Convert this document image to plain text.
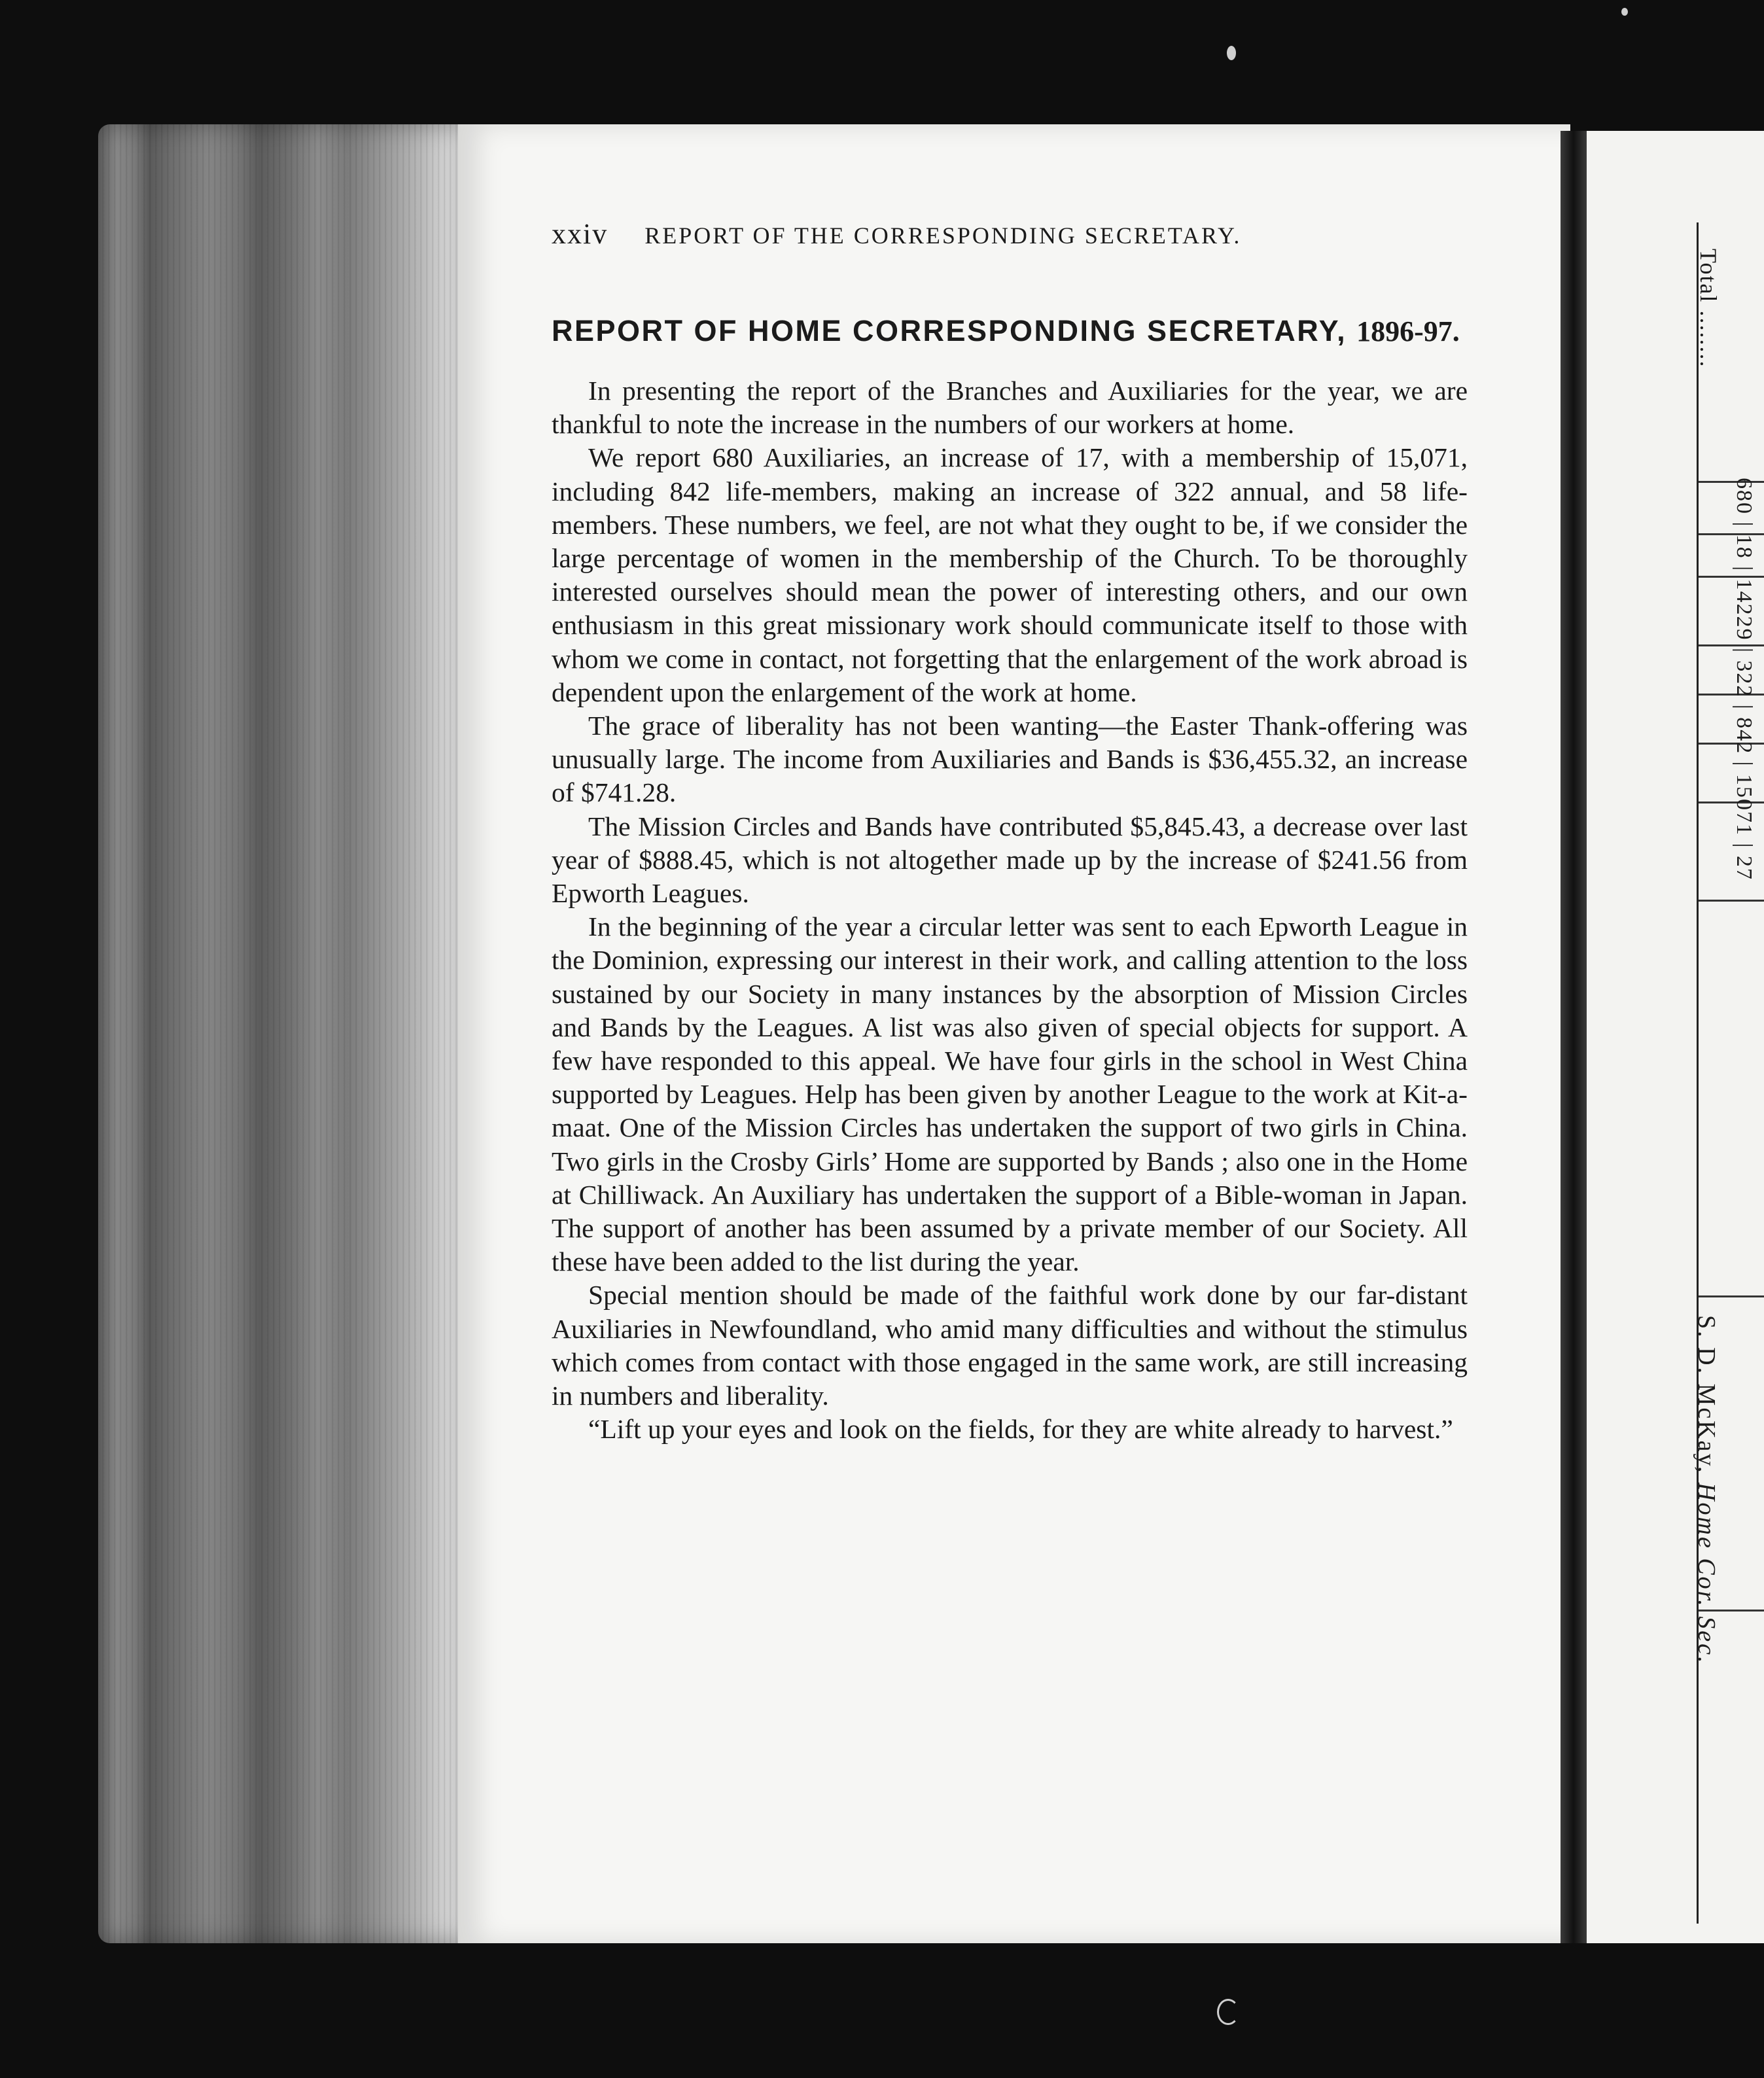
xxiv REPORT OF THE CORRESPONDING SECRETARY.
REPORT OF HOME CORRESPONDING SECRETARY, 1896-97.

In presenting the report of the Branches and Auxiliaries for the year, we are thankful to note the increase in the numbers of our workers at home.

We report 680 Auxiliaries, an increase of 17, with a membership of 15,071, including 842 life-members, making an increase of 322 annual, and 58 life-members. These numbers, we feel, are not what they ought to be, if we consider the large percentage of women in the membership of the Church. To be thoroughly interested ourselves should mean the power of interesting others, and our own enthusiasm in this great missionary work should communicate itself to those with whom we come in contact, not forgetting that the enlargement of the work abroad is dependent upon the enlargement of the work at home.

The grace of liberality has not been wanting—the Easter Thank-offering was unusually large. The income from Auxiliaries and Bands is $36,455.32, an increase of $741.28.

The Mission Circles and Bands have contributed $5,845.43, a decrease over last year of $888.45, which is not altogether made up by the increase of $241.56 from Epworth Leagues.

In the beginning of the year a circular letter was sent to each Epworth League in the Dominion, expressing our interest in their work, and calling attention to the loss sustained by our Society in many instances by the absorption of Mission Circles and Bands by the Leagues. A list was also given of special objects for support. A few have responded to this appeal. We have four girls in the school in West China supported by Leagues. Help has been given by another League to the work at Kit-a-maat. One of the Mission Circles has undertaken the support of two girls in China. Two girls in the Crosby Girls’ Home are supported by Bands ; also one in the Home at Chilliwack. An Auxiliary has undertaken the support of a Bible-woman in Japan. The support of another has been assumed by a private member of our Society. All these have been added to the list during the year.

Special mention should be made of the faithful work done by our far-distant Auxiliaries in Newfoundland, who amid many difficulties and without the stimulus which comes from contact with those engaged in the same work, are still increasing in numbers and liberality.

“Lift up your eyes and look on the fields, for they are white already to harvest.”

Total ........
680 | 18 | 14229 | 322 | 842 | 15071 | 27
S. D. McKay, Home Cor. Sec.
